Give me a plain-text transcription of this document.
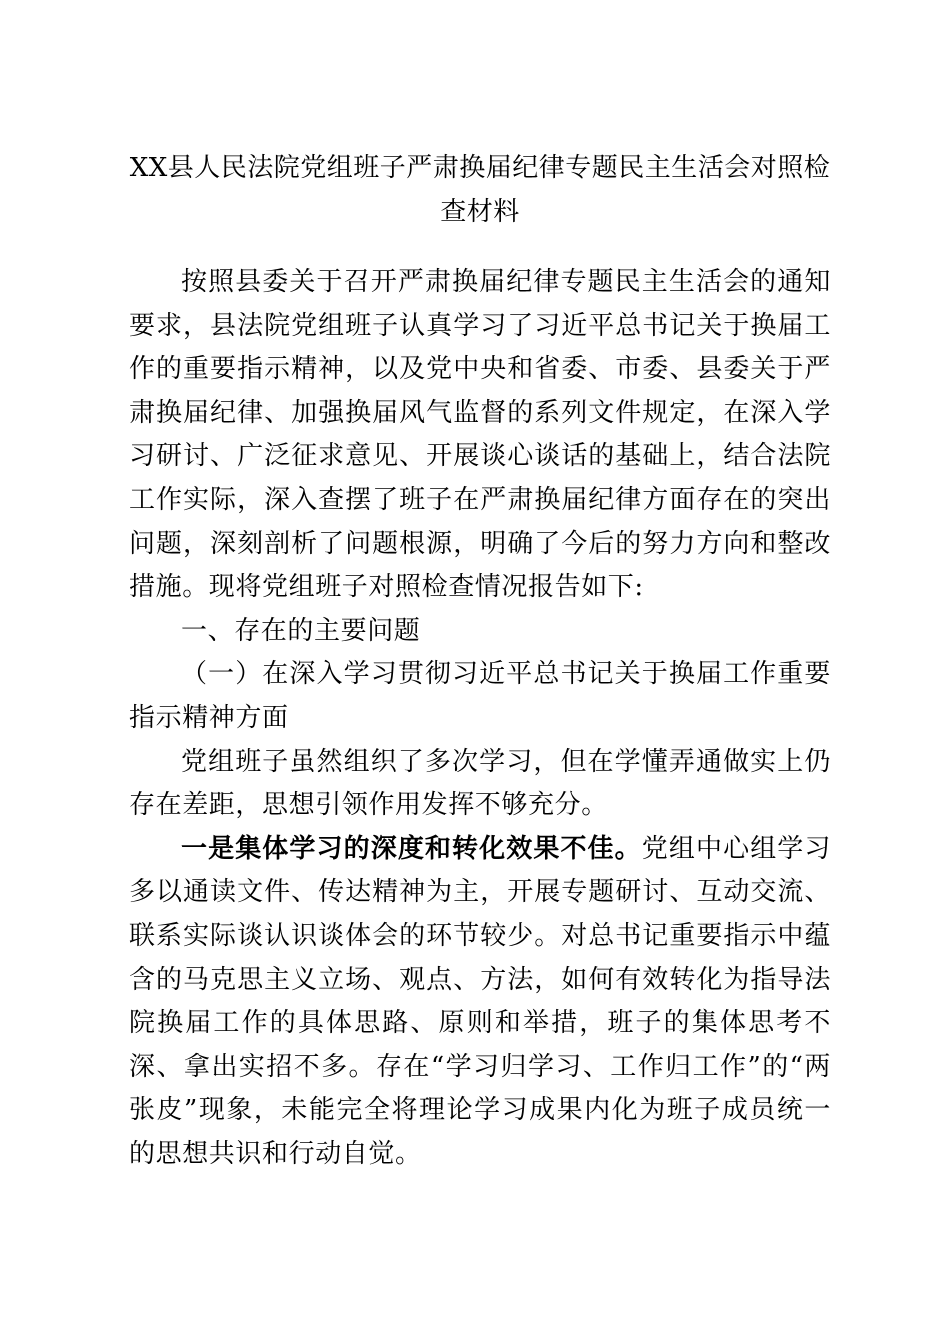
XX县人民法院党组班子严肃换届纪律专题民主生活会对照检查材料

按照县委关于召开严肃换届纪律专题民主生活会的通知要求，县法院党组班子认真学习了习近平总书记关于换届工作的重要指示精神，以及党中央和省委、市委、县委关于严肃换届纪律、加强换届风气监督的系列文件规定，在深入学习研讨、广泛征求意见、开展谈心谈话的基础上，结合法院工作实际，深入查摆了班子在严肃换届纪律方面存在的突出问题，深刻剖析了问题根源，明确了今后的努力方向和整改措施。现将党组班子对照检查情况报告如下:

一、存在的主要问题

（一）在深入学习贯彻习近平总书记关于换届工作重要指示精神方面

党组班子虽然组织了多次学习，但在学懂弄通做实上仍存在差距，思想引领作用发挥不够充分。

一是集体学习的深度和转化效果不佳。党组中心组学习多以通读文件、传达精神为主，开展专题研讨、互动交流、联系实际谈认识谈体会的环节较少。对总书记重要指示中蕴含的马克思主义立场、观点、方法，如何有效转化为指导法院换届工作的具体思路、原则和举措，班子的集体思考不深、拿出实招不多。存在“学习归学习、工作归工作”的“两张皮”现象，未能完全将理论学习成果内化为班子成员统一的思想共识和行动自觉。
